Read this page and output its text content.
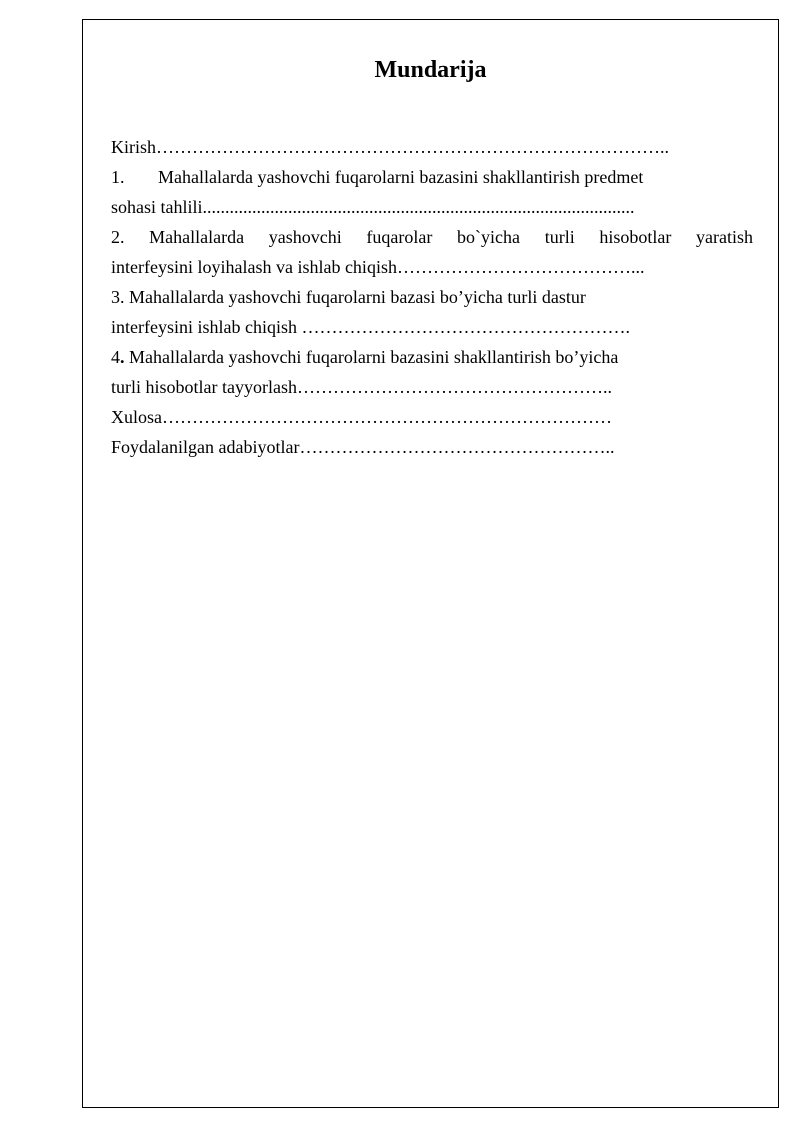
Mundarija
Kirish…………………………………………………………………………..
1. Mahallalarda yashovchi fuqarolarni bazasini shakllantirish predmet
sohasi tahlili................................................................................................
2. Mahallalarda yashovchi fuqarolar bo`yicha turli hisobotlar yaratish
interfeysini loyihalash va ishlab chiqish…………………………………...
3. Mahallalarda yashovchi fuqarolarni bazasi bo’yicha turli dastur
interfeysini ishlab chiqish ……………………………………………….
4. Mahallalarda yashovchi fuqarolarni bazasini shakllantirish bo’yicha
turli hisobotlar tayyorlash……………………………………………..
Xulosa…………………………………………………………………
Foydalanilgan adabiyotlar……………………………………………..
